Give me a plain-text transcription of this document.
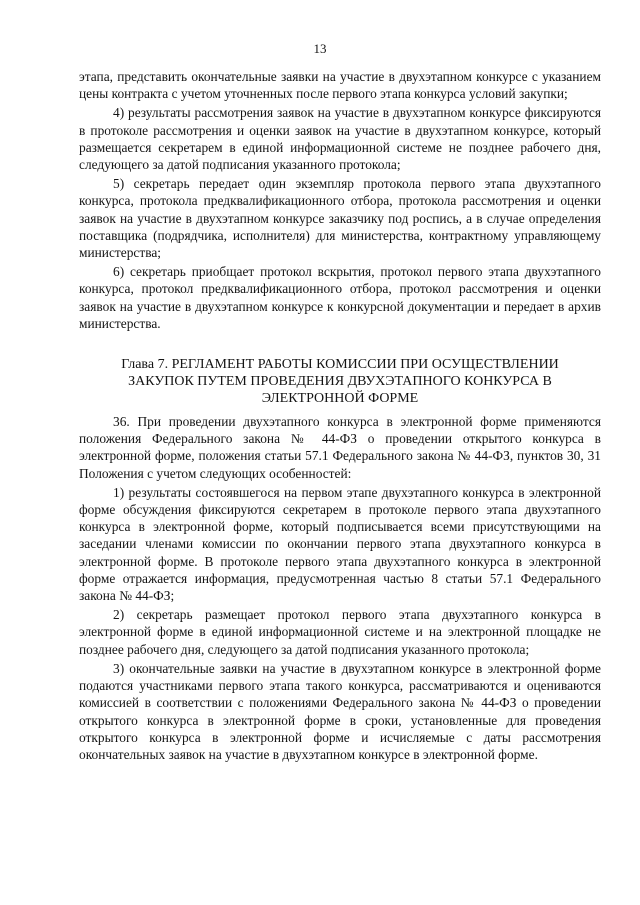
13

этапа, представить окончательные заявки на участие в двухэтапном конкурсе с указанием цены контракта с учетом уточненных после первого этапа конкурса условий закупки;

4) результаты рассмотрения заявок на участие в двухэтапном конкурсе фиксируются в протоколе рассмотрения и оценки заявок на участие в двухэтапном конкурсе, который размещается секретарем в единой информационной системе не позднее рабочего дня, следующего за датой подписания указанного протокола;

5) секретарь передает один экземпляр протокола первого этапа двухэтапного конкурса, протокола предквалификационного отбора, протокола рассмотрения и оценки заявок на участие в двухэтапном конкурсе заказчику под роспись, а в случае определения поставщика (подрядчика, исполнителя) для министерства, контрактному управляющему министерства;

6) секретарь приобщает протокол вскрытия, протокол первого этапа двухэтапного конкурса, протокол предквалификационного отбора, протокол рассмотрения и оценки заявок на участие в двухэтапном конкурсе к конкурсной документации и передает в архив министерства.

Глава 7. РЕГЛАМЕНТ РАБОТЫ КОМИССИИ ПРИ ОСУЩЕСТВЛЕНИИ ЗАКУПОК ПУТЕМ ПРОВЕДЕНИЯ ДВУХЭТАПНОГО КОНКУРСА В ЭЛЕКТРОННОЙ ФОРМЕ

36. При проведении двухэтапного конкурса в электронной форме применяются положения Федерального закона № 44-ФЗ о проведении открытого конкурса в электронной форме, положения статьи 57.1 Федерального закона № 44-ФЗ, пунктов 30, 31 Положения с учетом следующих особенностей:

1) результаты состоявшегося на первом этапе двухэтапного конкурса в электронной форме обсуждения фиксируются секретарем в протоколе первого этапа двухэтапного конкурса в электронной форме, который подписывается всеми присутствующими на заседании членами комиссии по окончании первого этапа двухэтапного конкурса в электронной форме. В протоколе первого этапа двухэтапного конкурса в электронной форме отражается информация, предусмотренная частью 8 статьи 57.1 Федерального закона № 44-ФЗ;

2) секретарь размещает протокол первого этапа двухэтапного конкурса в электронной форме в единой информационной системе и на электронной площадке не позднее рабочего дня, следующего за датой подписания указанного протокола;

3) окончательные заявки на участие в двухэтапном конкурсе в электронной форме подаются участниками первого этапа такого конкурса, рассматриваются и оцениваются комиссией в соответствии с положениями Федерального закона № 44-ФЗ о проведении открытого конкурса в электронной форме в сроки, установленные для проведения открытого конкурса в электронной форме и исчисляемые с даты рассмотрения окончательных заявок на участие в двухэтапном конкурсе в электронной форме.
